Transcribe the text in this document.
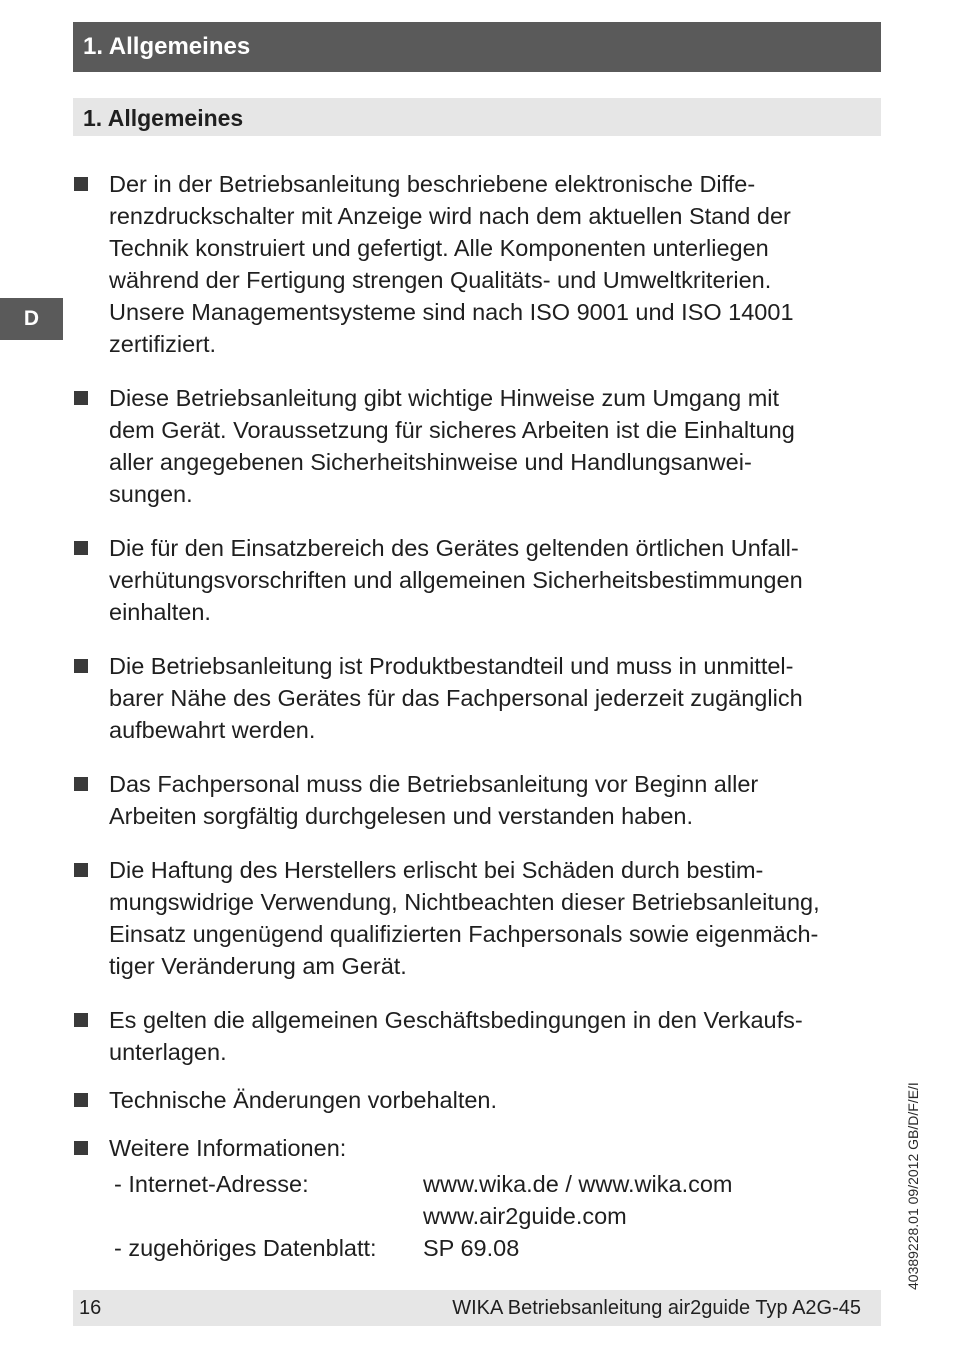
1. Allgemeines
1. Allgemeines
D
Der in der Betriebsanleitung beschriebene elektronische Diffe-
renzdruckschalter mit Anzeige wird nach dem aktuellen Stand der
Technik konstruiert und gefertigt. Alle Komponenten unterliegen
während der Fertigung strengen Qualitäts- und Umweltkriterien.
Unsere Managementsysteme sind nach ISO 9001 und ISO 14001
zertifiziert.
Diese Betriebsanleitung gibt wichtige Hinweise zum Umgang mit
dem Gerät. Voraussetzung für sicheres Arbeiten ist die Einhaltung
aller angegebenen Sicherheitshinweise und Handlungsanwei-
sungen.
Die für den Einsatzbereich des Gerätes geltenden örtlichen Unfall-
verhütungsvorschriften und allgemeinen Sicherheitsbestimmungen
einhalten.
Die Betriebsanleitung ist Produktbestandteil und muss in unmittel-
barer Nähe des Gerätes für das Fachpersonal jederzeit zugänglich
aufbewahrt werden.
Das Fachpersonal muss die Betriebsanleitung vor Beginn aller
Arbeiten sorgfältig durchgelesen und verstanden haben.
Die Haftung des Herstellers erlischt bei Schäden durch bestim-
mungswidrige Verwendung, Nichtbeachten dieser Betriebsanleitung,
Einsatz ungenügend qualifizierten Fachpersonals sowie eigenmäch-
tiger Veränderung am Gerät.
Es gelten die allgemeinen Geschäftsbedingungen in den Verkaufs-
unterlagen.
Technische Änderungen vorbehalten.
Weitere Informationen:
- Internet-Adresse:	www.wika.de / www.wika.com
	www.air2guide.com
- zugehöriges Datenblatt:	SP 69.08	40389228.01 09/2012 GB/D/F/E/I
16	WIKA Betriebsanleitung air2guide Typ A2G-45
